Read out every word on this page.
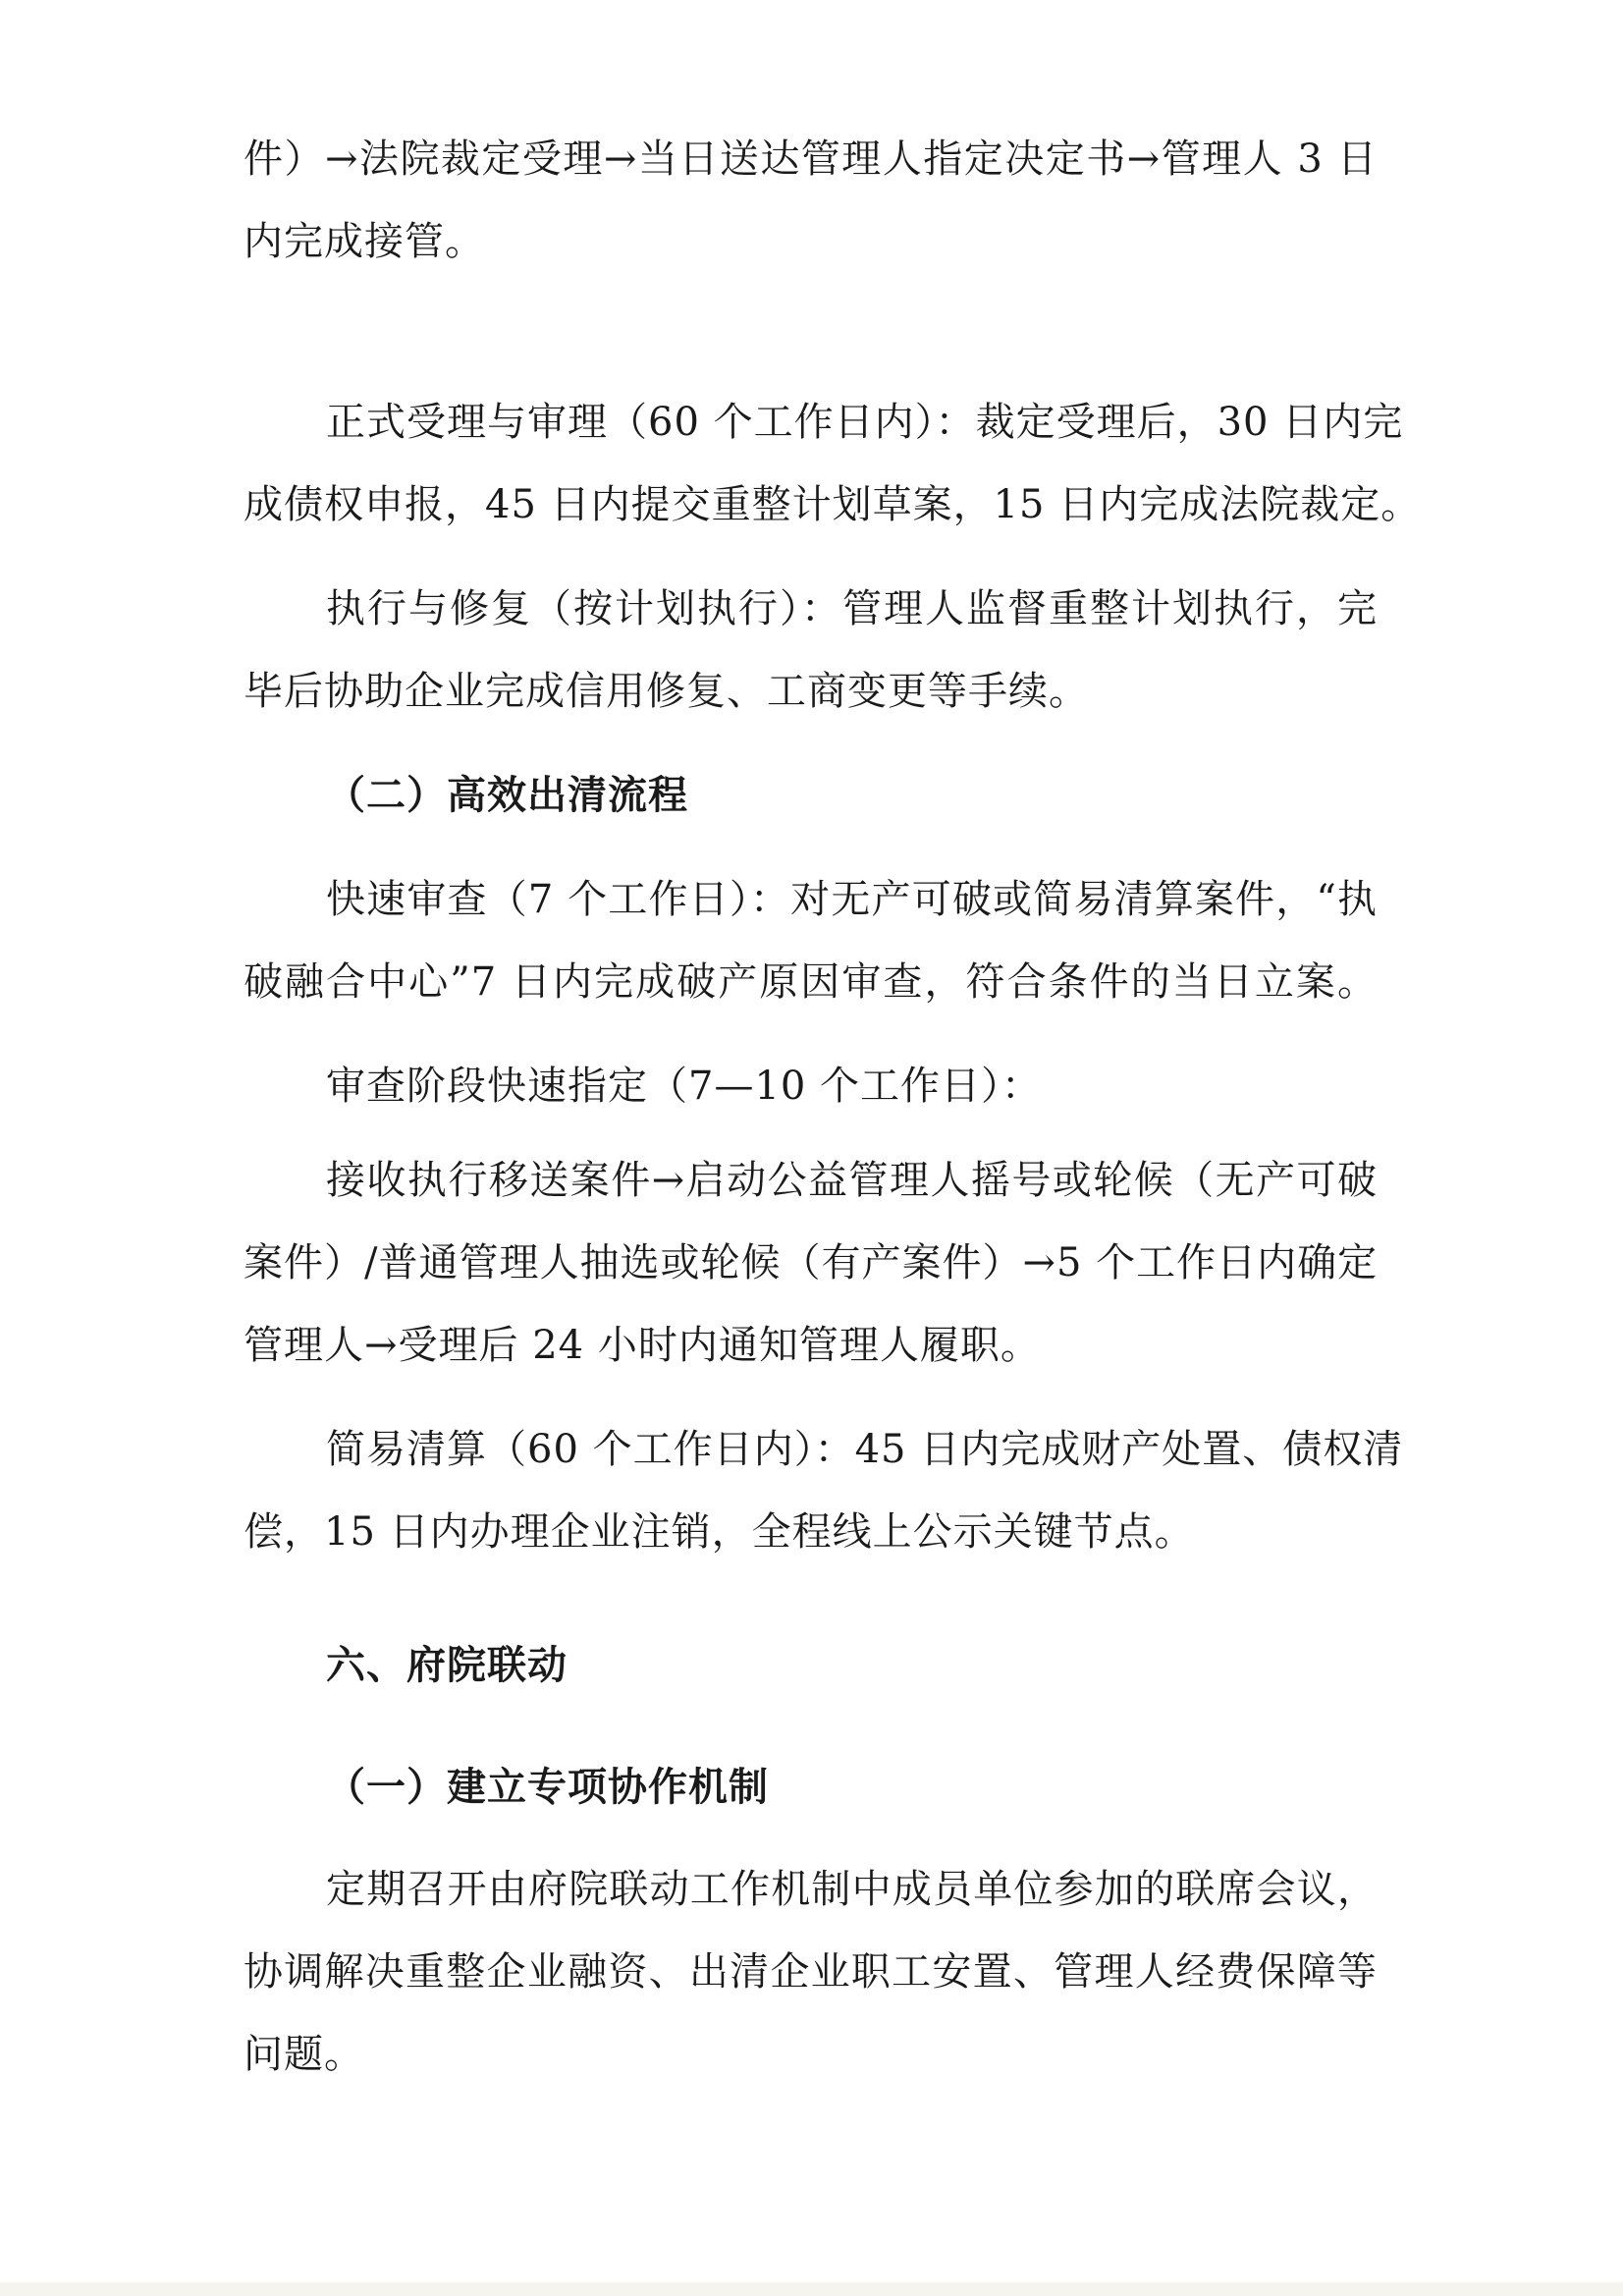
件）→法院裁定受理→当日送达管理人指定决定书→管理人 3 日
内完成接管。
正式受理与审理（60 个工作日内）：裁定受理后，30 日内完
成债权申报，45 日内提交重整计划草案，15 日内完成法院裁定。
执行与修复（按计划执行）：管理人监督重整计划执行，完
毕后协助企业完成信用修复、工商变更等手续。
（二）高效出清流程
快速审查（7 个工作日）：对无产可破或简易清算案件，“执
破融合中心”7 日内完成破产原因审查，符合条件的当日立案。
审查阶段快速指定（7—10 个工作日）：
接收执行移送案件→启动公益管理人摇号或轮候（无产可破
案件）/普通管理人抽选或轮候（有产案件）→5 个工作日内确定
管理人→受理后 24 小时内通知管理人履职。
简易清算（60 个工作日内）：45 日内完成财产处置、债权清
偿，15 日内办理企业注销，全程线上公示关键节点。
六、府院联动
（一）建立专项协作机制
定期召开由府院联动工作机制中成员单位参加的联席会议，
协调解决重整企业融资、出清企业职工安置、管理人经费保障等
问题。
